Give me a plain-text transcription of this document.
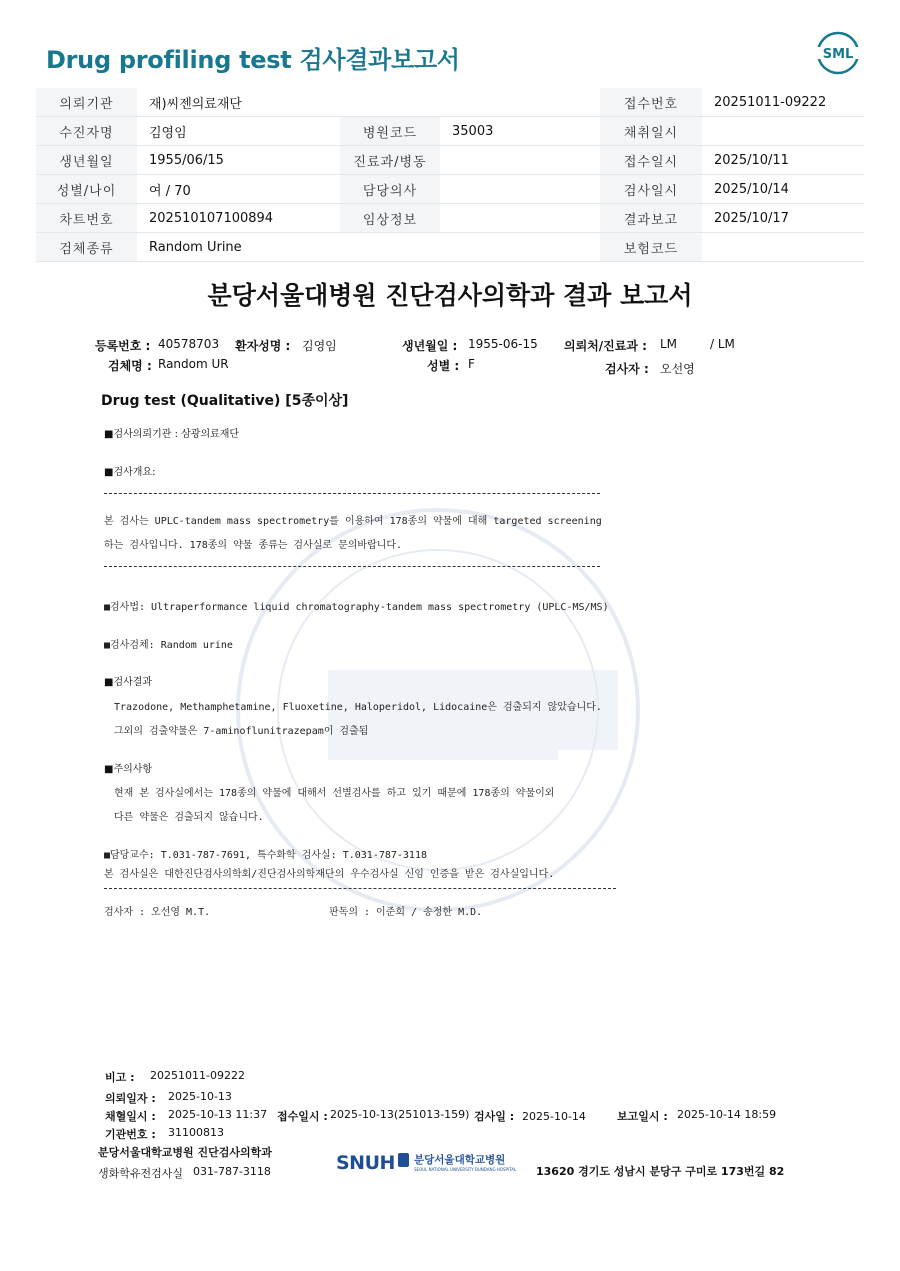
Drug profiling test 검사결과보고서	SML
의뢰기관	재)씨젠의료재단			접수번호	20251011-09222
수진자명	김영임	병원코드	35003	채취일시	
생년월일	1955/06/15	진료과/병동		접수일시	2025/10/11
성별/나이	여 / 70	담당의사		검사일시	2025/10/14
차트번호	202510107100894	임상정보		결과보고	2025/10/17
검체종류	Random Urine			보험코드	
분당서울대병원 진단검사의학과 결과 보고서
등록번호 : 40578703 환자성명 : 김영임	생년월일 : 1955-06-15 의뢰처/진료과 : LM	/ LM
검체명 : Random UR	성별 : F	검사자 : 오선영
Drug test (Qualitative) [5종이상]
■검사의뢰기관 : 삼광의료재단
■검사개요:
본 검사는 UPLC-tandem mass spectrometry를 이용하여 178종의 약물에 대해 targeted screening
하는 검사입니다. 178종의 약물 종류는 검사실로 문의바랍니다.
■검사법: Ultraperformance liquid chromatography-tandem mass spectrometry (UPLC-MS/MS)
■검사검체: Random urine
■검사결과
Trazodone, Methamphetamine, Fluoxetine, Haloperidol, Lidocaine은 검출되지 않았습니다.
그외의 검출약물은 7-aminoflunitrazepam이 검출됨
■주의사항
현재 본 검사실에서는 178종의 약물에 대해서 선별검사를 하고 있기 때문에 178종의 약물이외
다른 약물은 검출되지 않습니다.
■담당교수: T.031-787-7691, 특수화학 검사실: T.031-787-3118
본 검사실은 대한진단검사의학회/진단검사의학재단의 우수검사실 신임 인증을 받은 검사실입니다.
검사자 : 오선영 M.T.	판독의 : 이준희 / 송정한 M.D.
비고 : 20251011-09222
의뢰일자 : 2025-10-13
채혈일시 : 2025-10-13 11:37 접수일시 : 2025-10-13(251013-159) 검사일 : 2025-10-14	보고일시 : 2025-10-14 18:59
기관번호 : 31100813
분당서울대학교병원 진단검사의학과
생화학유전검사실 031-787-3118	SNUH 분당서울대학교병원
SEOUL NATIONAL UNIVERSITY BUNDANG HOSPITAL 13620 경기도 성남시 분당구 구미로 173번길 82
